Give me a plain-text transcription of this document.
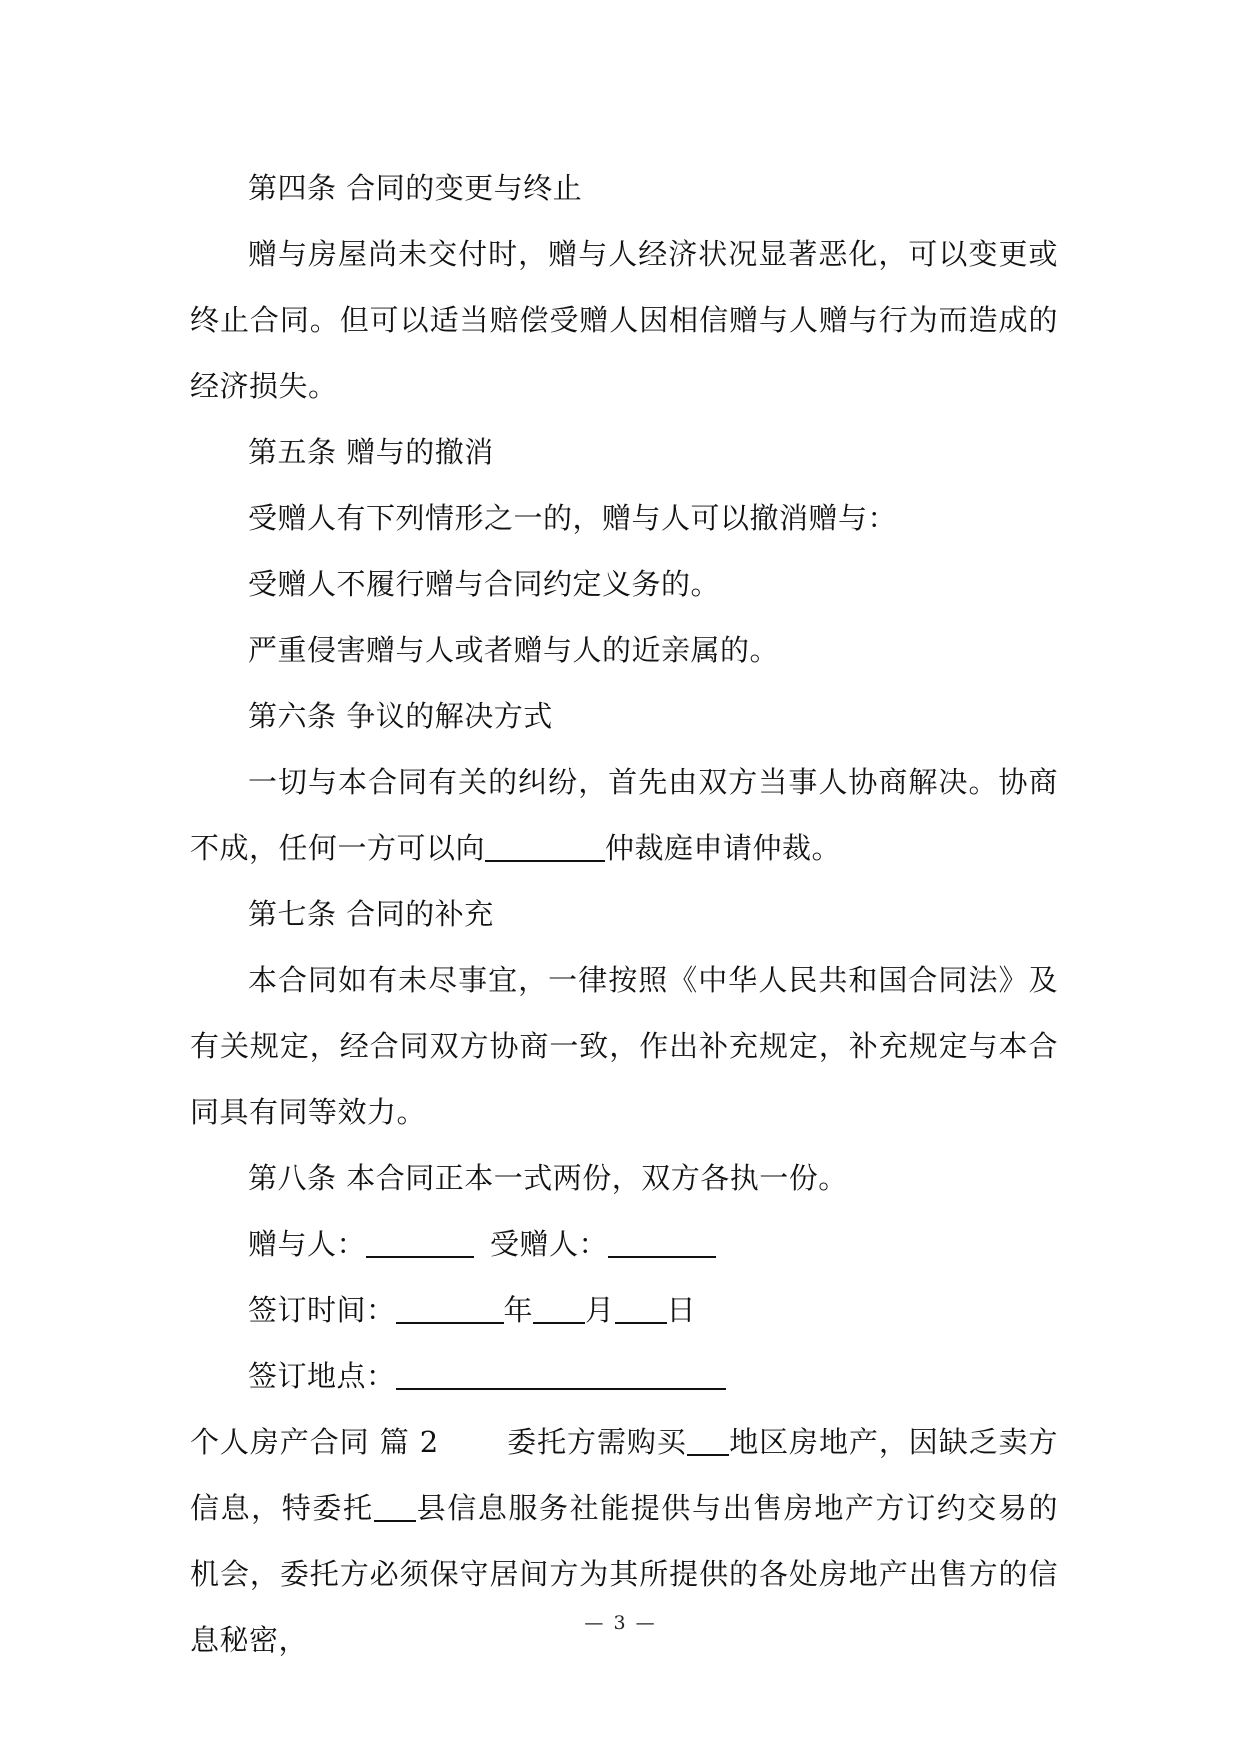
第四条 合同的变更与终止

赠与房屋尚未交付时，赠与人经济状况显著恶化，可以变更或终止合同。但可以适当赔偿受赠人因相信赠与人赠与行为而造成的经济损失。

第五条 赠与的撤消

受赠人有下列情形之一的，赠与人可以撤消赠与：

受赠人不履行赠与合同约定义务的。

严重侵害赠与人或者赠与人的近亲属的。

第六条 争议的解决方式

一切与本合同有关的纠纷，首先由双方当事人协商解决。协商不成，任何一方可以向	仲裁庭申请仲裁。

第七条 合同的补充

本合同如有未尽事宜，一律按照《中华人民共和国合同法》及有关规定，经合同双方协商一致，作出补充规定，补充规定与本合同具有同等效力。

第八条 本合同正本一式两份，双方各执一份。

赠与人：	受赠人：

签订时间：	年 月 日

签订地点：

个人房产合同 篇 2 委托方需购买 地区房地产，因缺乏卖方信息，特委托 县信息服务社能提供与出售房地产方订约交易的机会，委托方必须保守居间方为其所提供的各处房地产出售方的信息秘密，	— 3 —
